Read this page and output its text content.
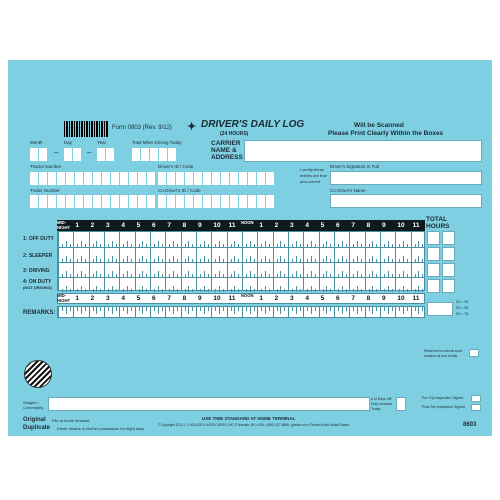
Form 0803 (Rev. 9/12) ✦ DRIVER'S DAILY LOG
(24 HOURS)
Will be Scanned
Please Print Clearly Within the Boxes
Month	Day	Year	Total Miles Driving Today
–	–
CARRIER
NAME &
ADDRESS
Tractor Number	Driver's ID / Code
I certify these
entries are true
and correct
Driver's Signature in Full
Trailer Number	Co-Driver's ID / Code	Co-Driver's Name
MID-NIGHT 1 2 3 4 5 6 7 8 9 10 11 NOON 1 2 3 4 5 6 7 8 9 10 11
1: OFF DUTY
2: SLEEPER
3: DRIVING
4: ON DUTY
(NOT DRIVING)
MID-NIGHT 1 2 3 4 5 6 7 8 9 10 11 NOON 1 2 3 4 5 6 7 8 9 10 11
REMARKS:
TOTAL
HOURS
S4 = 25
S2 = 35
S4 = 75
Returned to normal work
location at end of day
Shipper /
Commodity
# of Days Off
Duty Includes
Today
Pre-Trip Inspection Signed
Post-Trip Inspection Signed
USE TIME STANDARD AT HOME TERMINAL
Original File at home terminal
Duplicate Driver retains in his/her possession for eight days
© Copyright 2013 J. J. KELLER & ASSOCIATES, INC.® Neenah, WI • USA • (800) 327-6868 • jjkeller.com • Printed in the United States	8603
